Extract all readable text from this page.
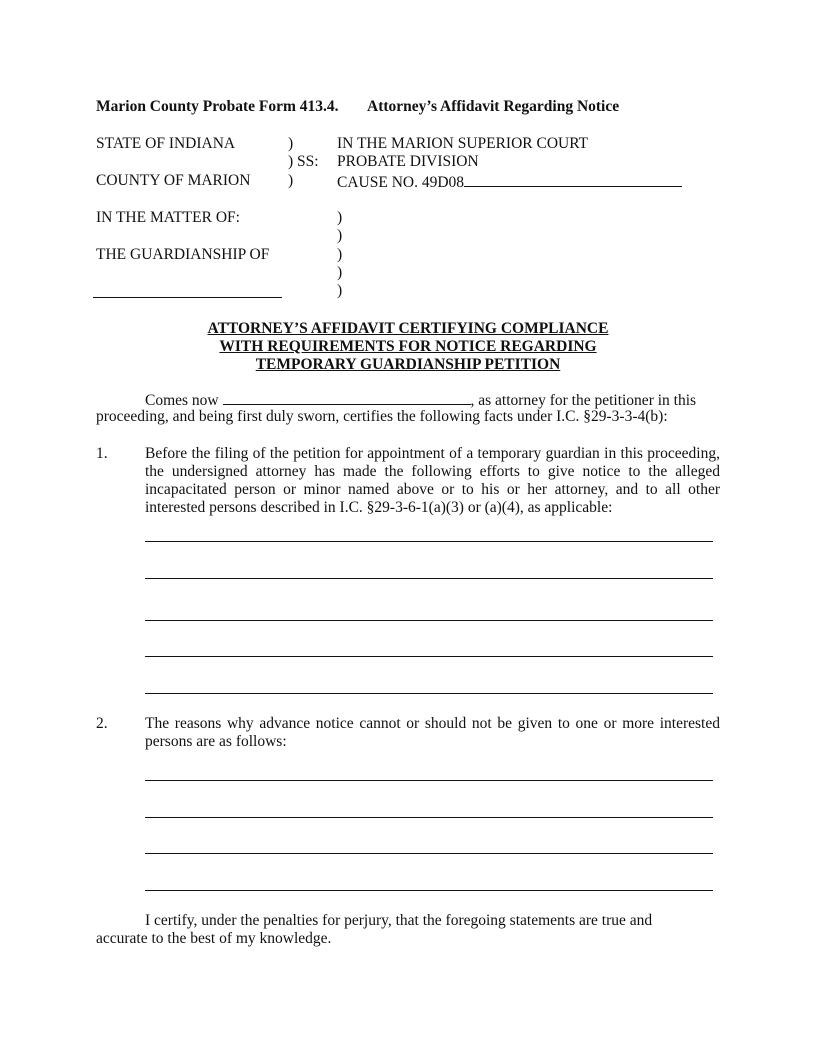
Marion County Probate Form 413.4. Attorney’s Affidavit Regarding Notice
STATE OF INDIANA
COUNTY OF MARION
)
) SS:
)
IN THE MARION SUPERIOR COURT
PROBATE DIVISION
CAUSE NO. 49D08
IN THE MATTER OF:
THE GUARDIANSHIP OF
)
)
)
)
)
ATTORNEY’S AFFIDAVIT CERTIFYING COMPLIANCE
WITH REQUIREMENTS FOR NOTICE REGARDING
TEMPORARY GUARDIANSHIP PETITION
Comes now	, as attorney for the petitioner in this
proceeding, and being first duly sworn, certifies the following facts under I.C. §29-3-3-4(b):
1. Before the filing of the petition for appointment of a temporary guardian in this proceeding,
the undersigned attorney has made the following efforts to give notice to the alleged
incapacitated person or minor named above or to his or her attorney, and to all other
interested persons described in I.C. §29-3-6-1(a)(3) or (a)(4), as applicable:
2. The reasons why advance notice cannot or should not be given to one or more interested
persons are as follows:
I certify, under the penalties for perjury, that the foregoing statements are true and
accurate to the best of my knowledge.
